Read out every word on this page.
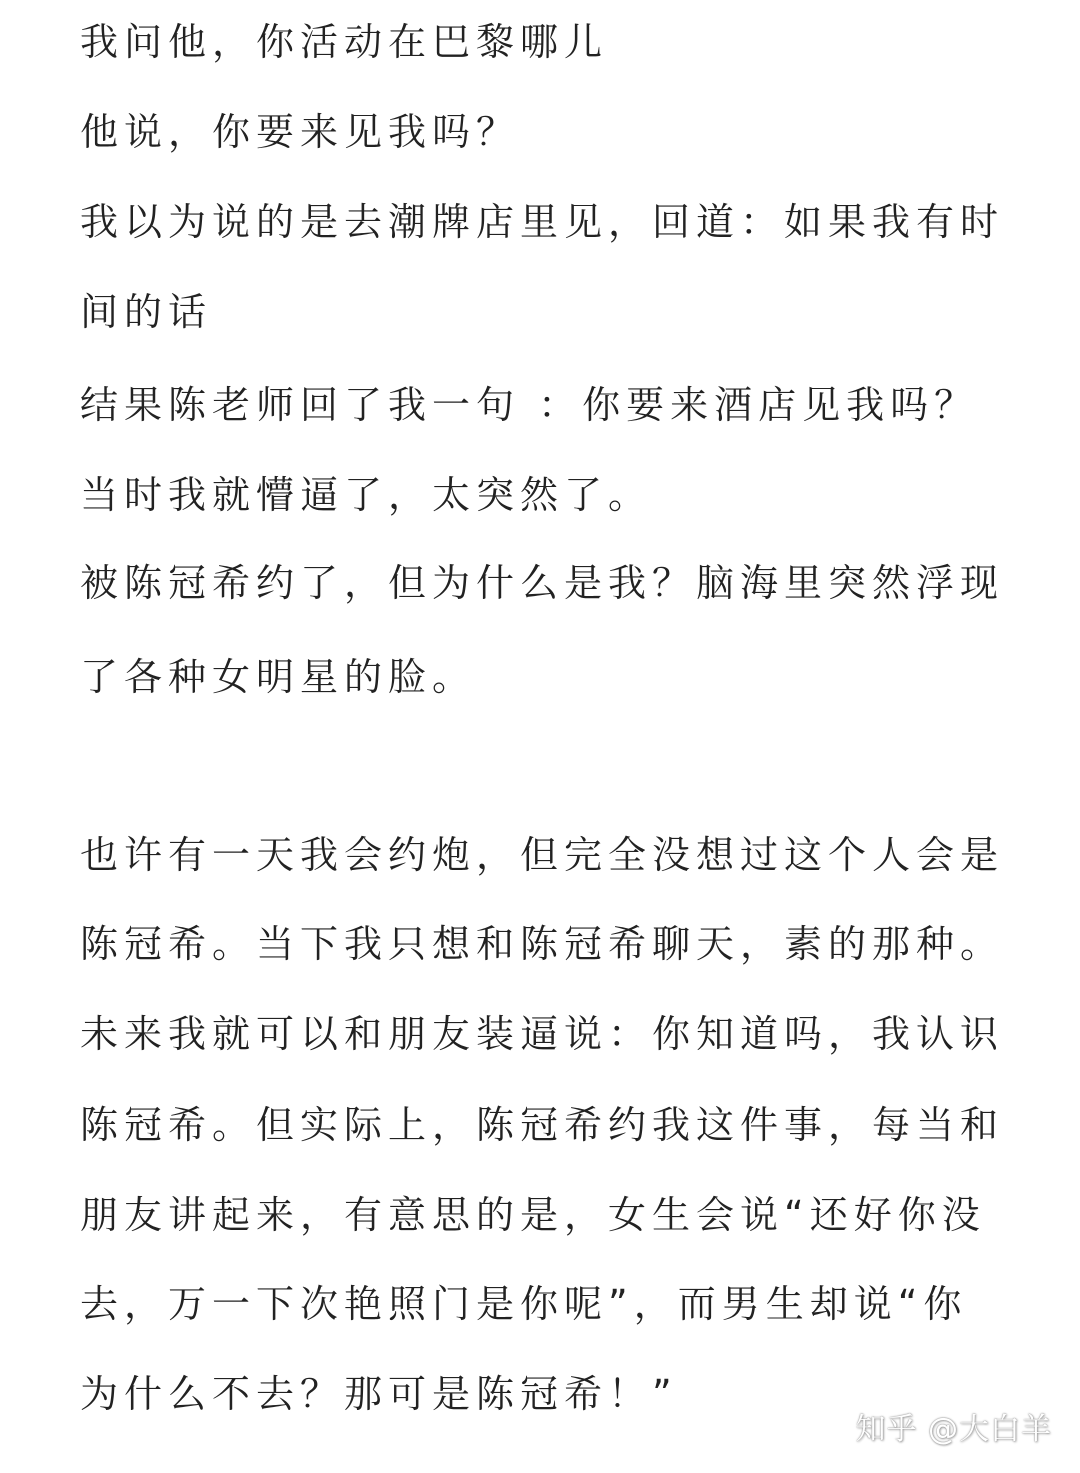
我问他，你活动在巴黎哪儿
他说，你要来见我吗？
我以为说的是去潮牌店里见，回道：如果我有时
间的话
结果陈老师回了我一句 ：你要来酒店见我吗？
当时我就懵逼了，太突然了。
被陈冠希约了，但为什么是我？脑海里突然浮现
了各种女明星的脸。
也许有一天我会约炮，但完全没想过这个人会是
陈冠希。当下我只想和陈冠希聊天，素的那种。
未来我就可以和朋友装逼说：你知道吗，我认识
陈冠希。但实际上，陈冠希约我这件事，每当和
朋友讲起来，有意思的是，女生会说“还好你没
去，万一下次艳照门是你呢”，而男生却说“你
为什么不去？那可是陈冠希！”
知乎 @大白羊
